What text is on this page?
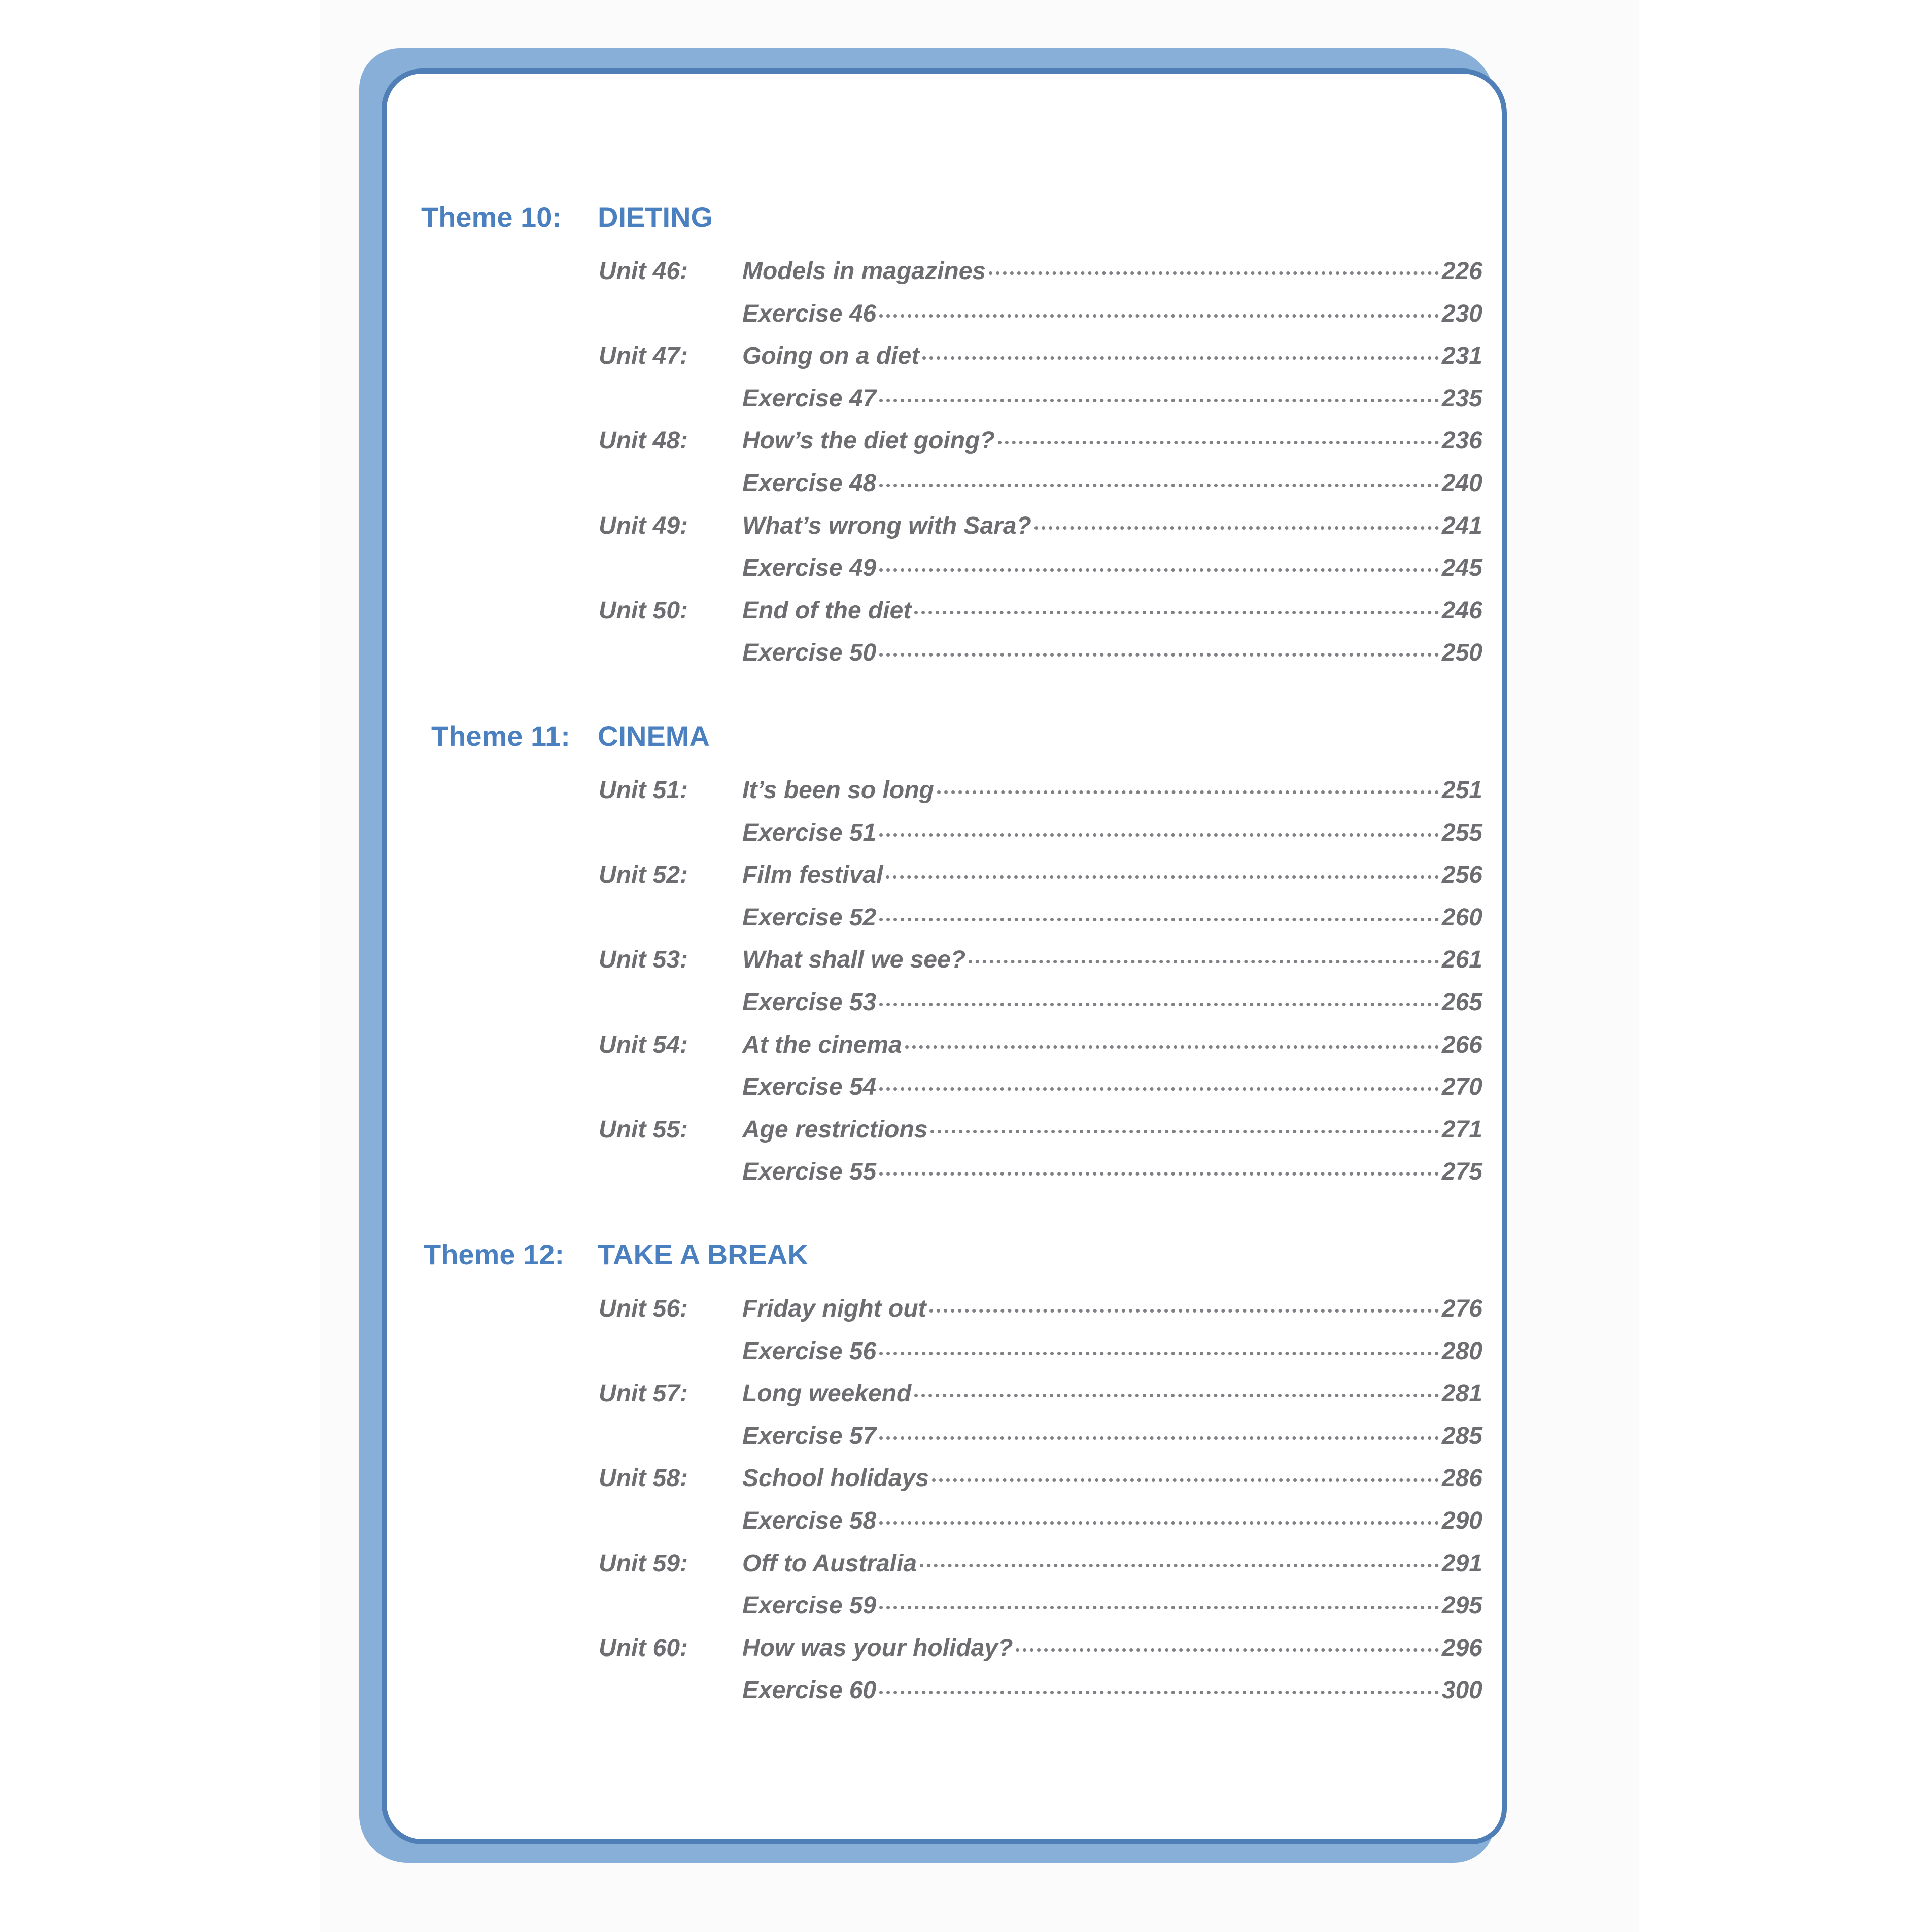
Theme 10: DIETING
Unit 46: Models in magazines	226
Exercise 46	230
Unit 47: Going on a diet	231
Exercise 47	235
Unit 48: How’s the diet going?	236
Exercise 48	240
Unit 49: What’s wrong with Sara?	241
Exercise 49	245
Unit 50: End of the diet	246
Exercise 50	250
Theme 11: CINEMA
Unit 51: It’s been so long	251
Exercise 51	255
Unit 52: Film festival	256
Exercise 52	260
Unit 53: What shall we see?	261
Exercise 53	265
Unit 54: At the cinema	266
Exercise 54	270
Unit 55: Age restrictions	271
Exercise 55	275
Theme 12: TAKE A BREAK
Unit 56: Friday night out	276
Exercise 56	280
Unit 57: Long weekend	281
Exercise 57	285
Unit 58: School holidays	286
Exercise 58	290
Unit 59: Off to Australia	291
Exercise 59	295
Unit 60: How was your holiday?	296
Exercise 60	300
